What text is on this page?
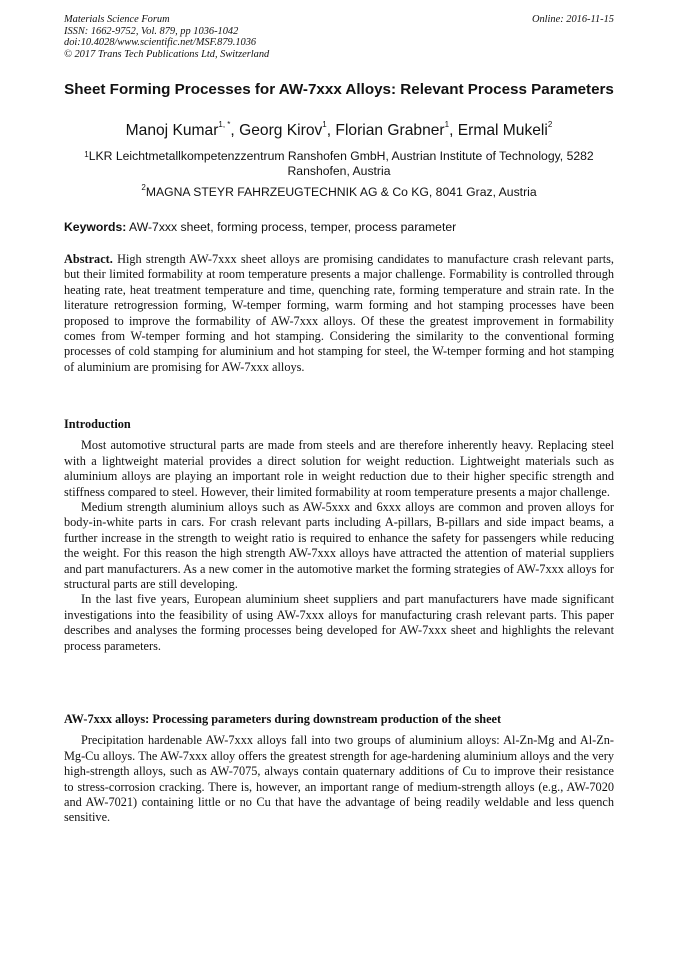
Materials Science Forum
ISSN: 1662-9752, Vol. 879, pp 1036-1042
doi:10.4028/www.scientific.net/MSF.879.1036
© 2017 Trans Tech Publications Ltd, Switzerland
Online: 2016-11-15
Sheet Forming Processes for AW-7xxx Alloys: Relevant Process Parameters
Manoj Kumar$^{1, *}$, Georg Kirov$^1$, Florian Grabner$^1$, Ermal Mukeli$^2$
$^1$LKR Leichtmetallkompetenzzentrum Ranshofen GmbH, Austrian Institute of Technology, 5282 Ranshofen, Austria
$^2$MAGNA STEYR FAHRZEUGTECHNIK AG & Co KG, 8041 Graz, Austria
Keywords: AW-7xxx sheet, forming process, temper, process parameter

Abstract. High strength AW-7xxx sheet alloys are promising candidates to manufacture crash relevant parts, but their limited formability at room temperature presents a major challenge. Formability is controlled through heating rate, heat treatment temperature and time, quenching rate, forming temperature and strain rate. In the literature retrogression forming, W-temper forming, warm forming and hot stamping processes have been proposed to improve the formability of AW-7xxx alloys. Of these the greatest improvement in formability comes from W-temper forming and hot stamping. Considering the similarity to the conventional forming processes of cold stamping for aluminium and hot stamping for steel, the W-temper forming and hot stamping of aluminium are promising for AW-7xxx alloys.

Introduction

Most automotive structural parts are made from steels and are therefore inherently heavy. Replacing steel with a lightweight material provides a direct solution for weight reduction. Lightweight materials such as aluminium alloys are playing an important role in weight reduction due to their higher specific strength and stiffness compared to steel. However, their limited formability at room temperature presents a major challenge.

Medium strength aluminium alloys such as AW-5xxx and 6xxx alloys are common and proven alloys for body-in-white parts in cars. For crash relevant parts including A-pillars, B-pillars and side impact beams, a further increase in the strength to weight ratio is required to enhance the safety for passengers while reducing the weight. For this reason the high strength AW-7xxx alloys have attracted the attention of material suppliers and part manufacturers. As a new comer in the automotive market the forming strategies of AW-7xxx alloys for structural parts are still developing.

In the last five years, European aluminium sheet suppliers and part manufacturers have made significant investigations into the feasibility of using AW-7xxx alloys for manufacturing crash relevant parts. This paper describes and analyses the forming processes being developed for AW-7xxx sheet and highlights the relevant process parameters.

AW-7xxx alloys: Processing parameters during downstream production of the sheet

Precipitation hardenable AW-7xxx alloys fall into two groups of aluminium alloys: Al-Zn-Mg and Al-Zn-Mg-Cu alloys. The AW-7xxx alloy offers the greatest strength for age-hardening aluminium alloys and the very high-strength alloys, such as AW-7075, always contain quaternary additions of Cu to improve their resistance to stress-corrosion cracking. There is, however, an important range of medium-strength alloys (e.g., AW-7020 and AW-7021) containing little or no Cu that have the advantage of being readily weldable and less quench sensitive.
